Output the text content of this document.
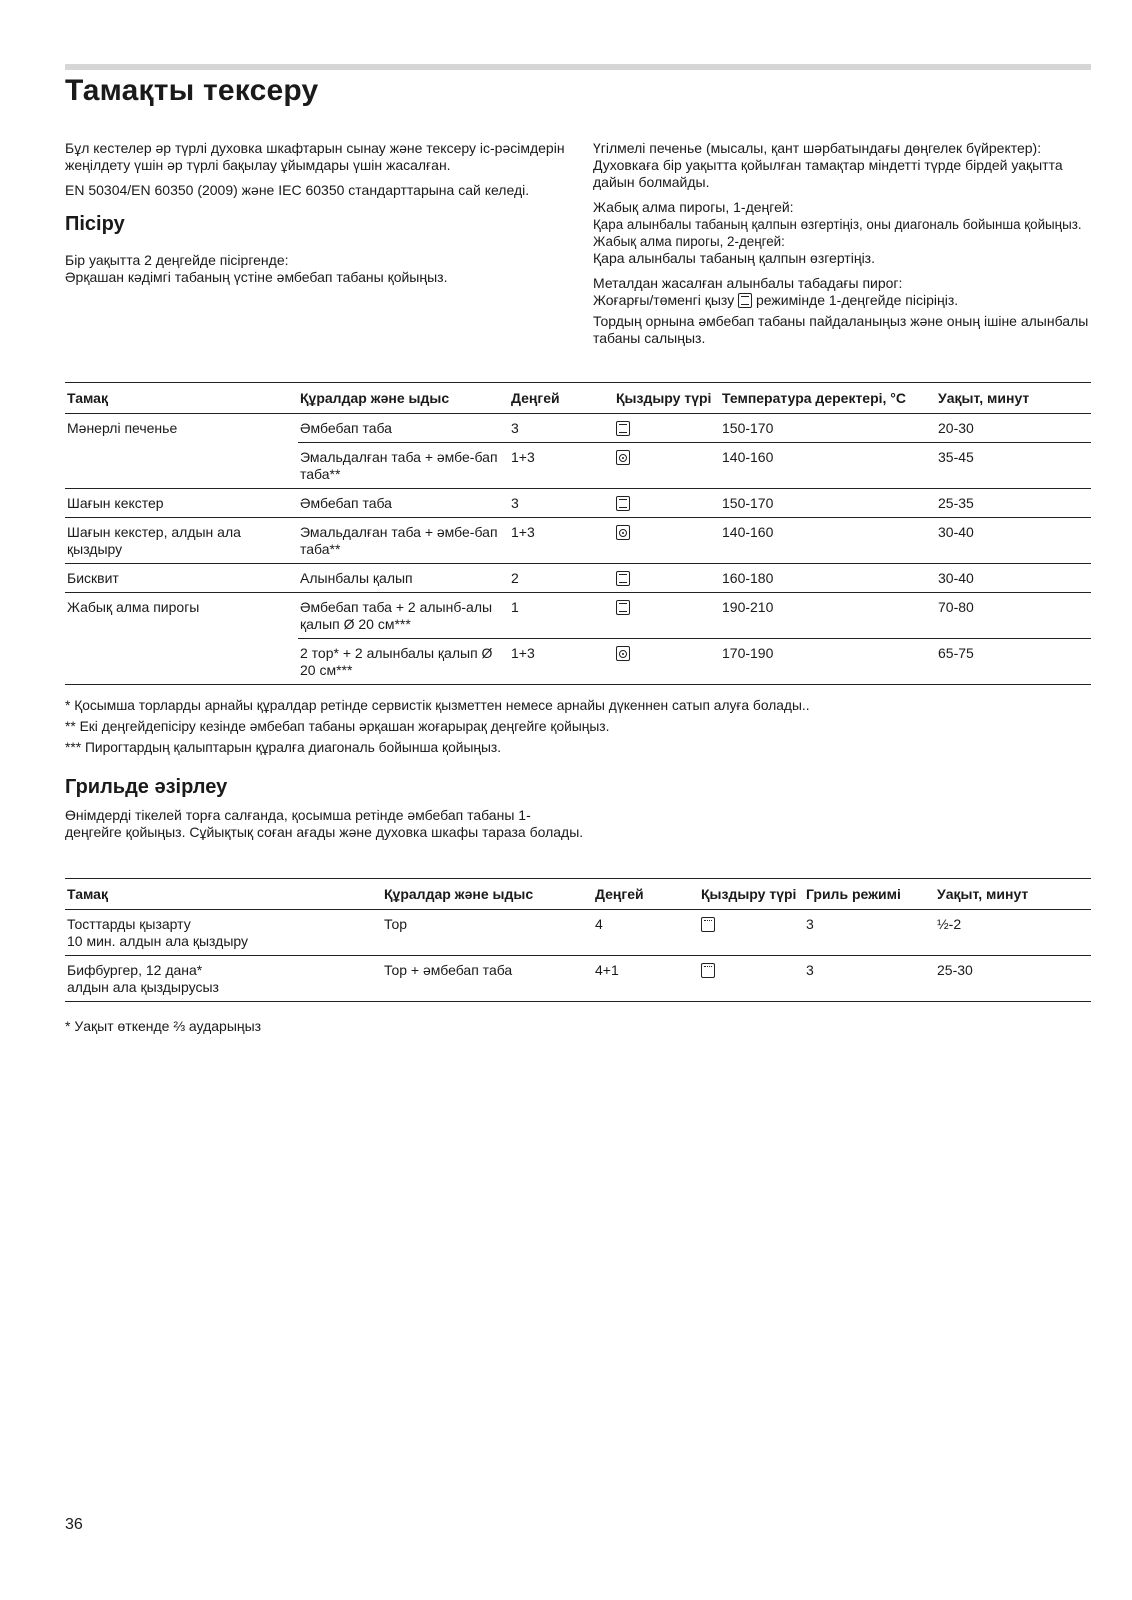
Тамақты тексеру

Бұл кестелер әр түрлі духовка шкафтарын сынау және тексеру іс-рәсімдерін жеңілдету үшін әр түрлі бақылау ұйымдары үшін жасалған.

EN 50304/EN 60350 (2009) және IEC 60350 стандарттарына сай келеді.

Пісіру

Бір уақытта 2 деңгейде пісіргенде:
Әрқашан кәдімгі табаның үстіне әмбебап табаны қойыңыз.

Үгілмелі печенье (мысалы, қант шәрбатындағы дөңгелек бүйректер): Духовкаға бір уақытта қойылған тамақтар міндетті түрде бірдей уақытта дайын болмайды.

Жабық алма пирогы, 1-деңгей:
Қара алынбалы табаның қалпын өзгертіңіз, оны диагональ бойынша қойыңыз.
Жабық алма пирогы, 2-деңгей:
Қара алынбалы табаның қалпын өзгертіңіз.

Металдан жасалған алынбалы табадағы пирог:
Жоғарғы/төменгі қызу режимінде 1-деңгейде пісіріңіз.

Тордың орнына әмбебап табаны пайдаланыңыз және оның ішіне алынбалы табаны салыңыз.

Тамақ	Құралдар және ыдыс	Деңгей	Қыздыру түрі	Температура деректері, °C	Уақыт, минут
Мәнерлі печенье	Әмбебап таба	3		150-170	20-30
	Эмальдалған таба + әмбе-бап таба**	1+3		140-160	35-45
Шағын кекстер	Әмбебап таба	3		150-170	25-35
Шағын кекстер, алдын ала қыздыру	Эмальдалған таба + әмбе-бап таба**	1+3		140-160	30-40
Бисквит	Алынбалы қалып	2		160-180	30-40
Жабық алма пирогы	Әмбебап таба + 2 алынб-алы қалып Ø 20 см***	1		190-210	70-80
	2 тор* + 2 алынбалы қалып Ø 20 см***	1+3		170-190	65-75

* Қосымша торларды арнайы құралдар ретінде сервистік қызметтен немесе арнайы дүкеннен сатып алуға болады..

** Екі деңгейдепісіру кезінде әмбебап табаны әрқашан жоғарырақ деңгейге қойыңыз.

*** Пирогтардың қалыптарын құралға диагональ бойынша қойыңыз.

Грильде әзірлеу

Өнімдерді тікелей торға салғанда, қосымша ретінде әмбебап табаны 1-деңгейге қойыңыз. Сұйықтық соған ағады және духовка шкафы тараза болады.

Тамақ	Құралдар және ыдыс	Деңгей	Қыздыру түрі	Гриль режимі	Уақыт, минут
Тосттарды қызарту
10 мин. алдын ала қыздыру	Тор	4		3	½-2
Бифбургер, 12 дана*
алдын ала қыздырусыз	Тор + әмбебап таба	4+1		3	25-30

* Уақыт өткенде ⅔ аударыңыз

36
